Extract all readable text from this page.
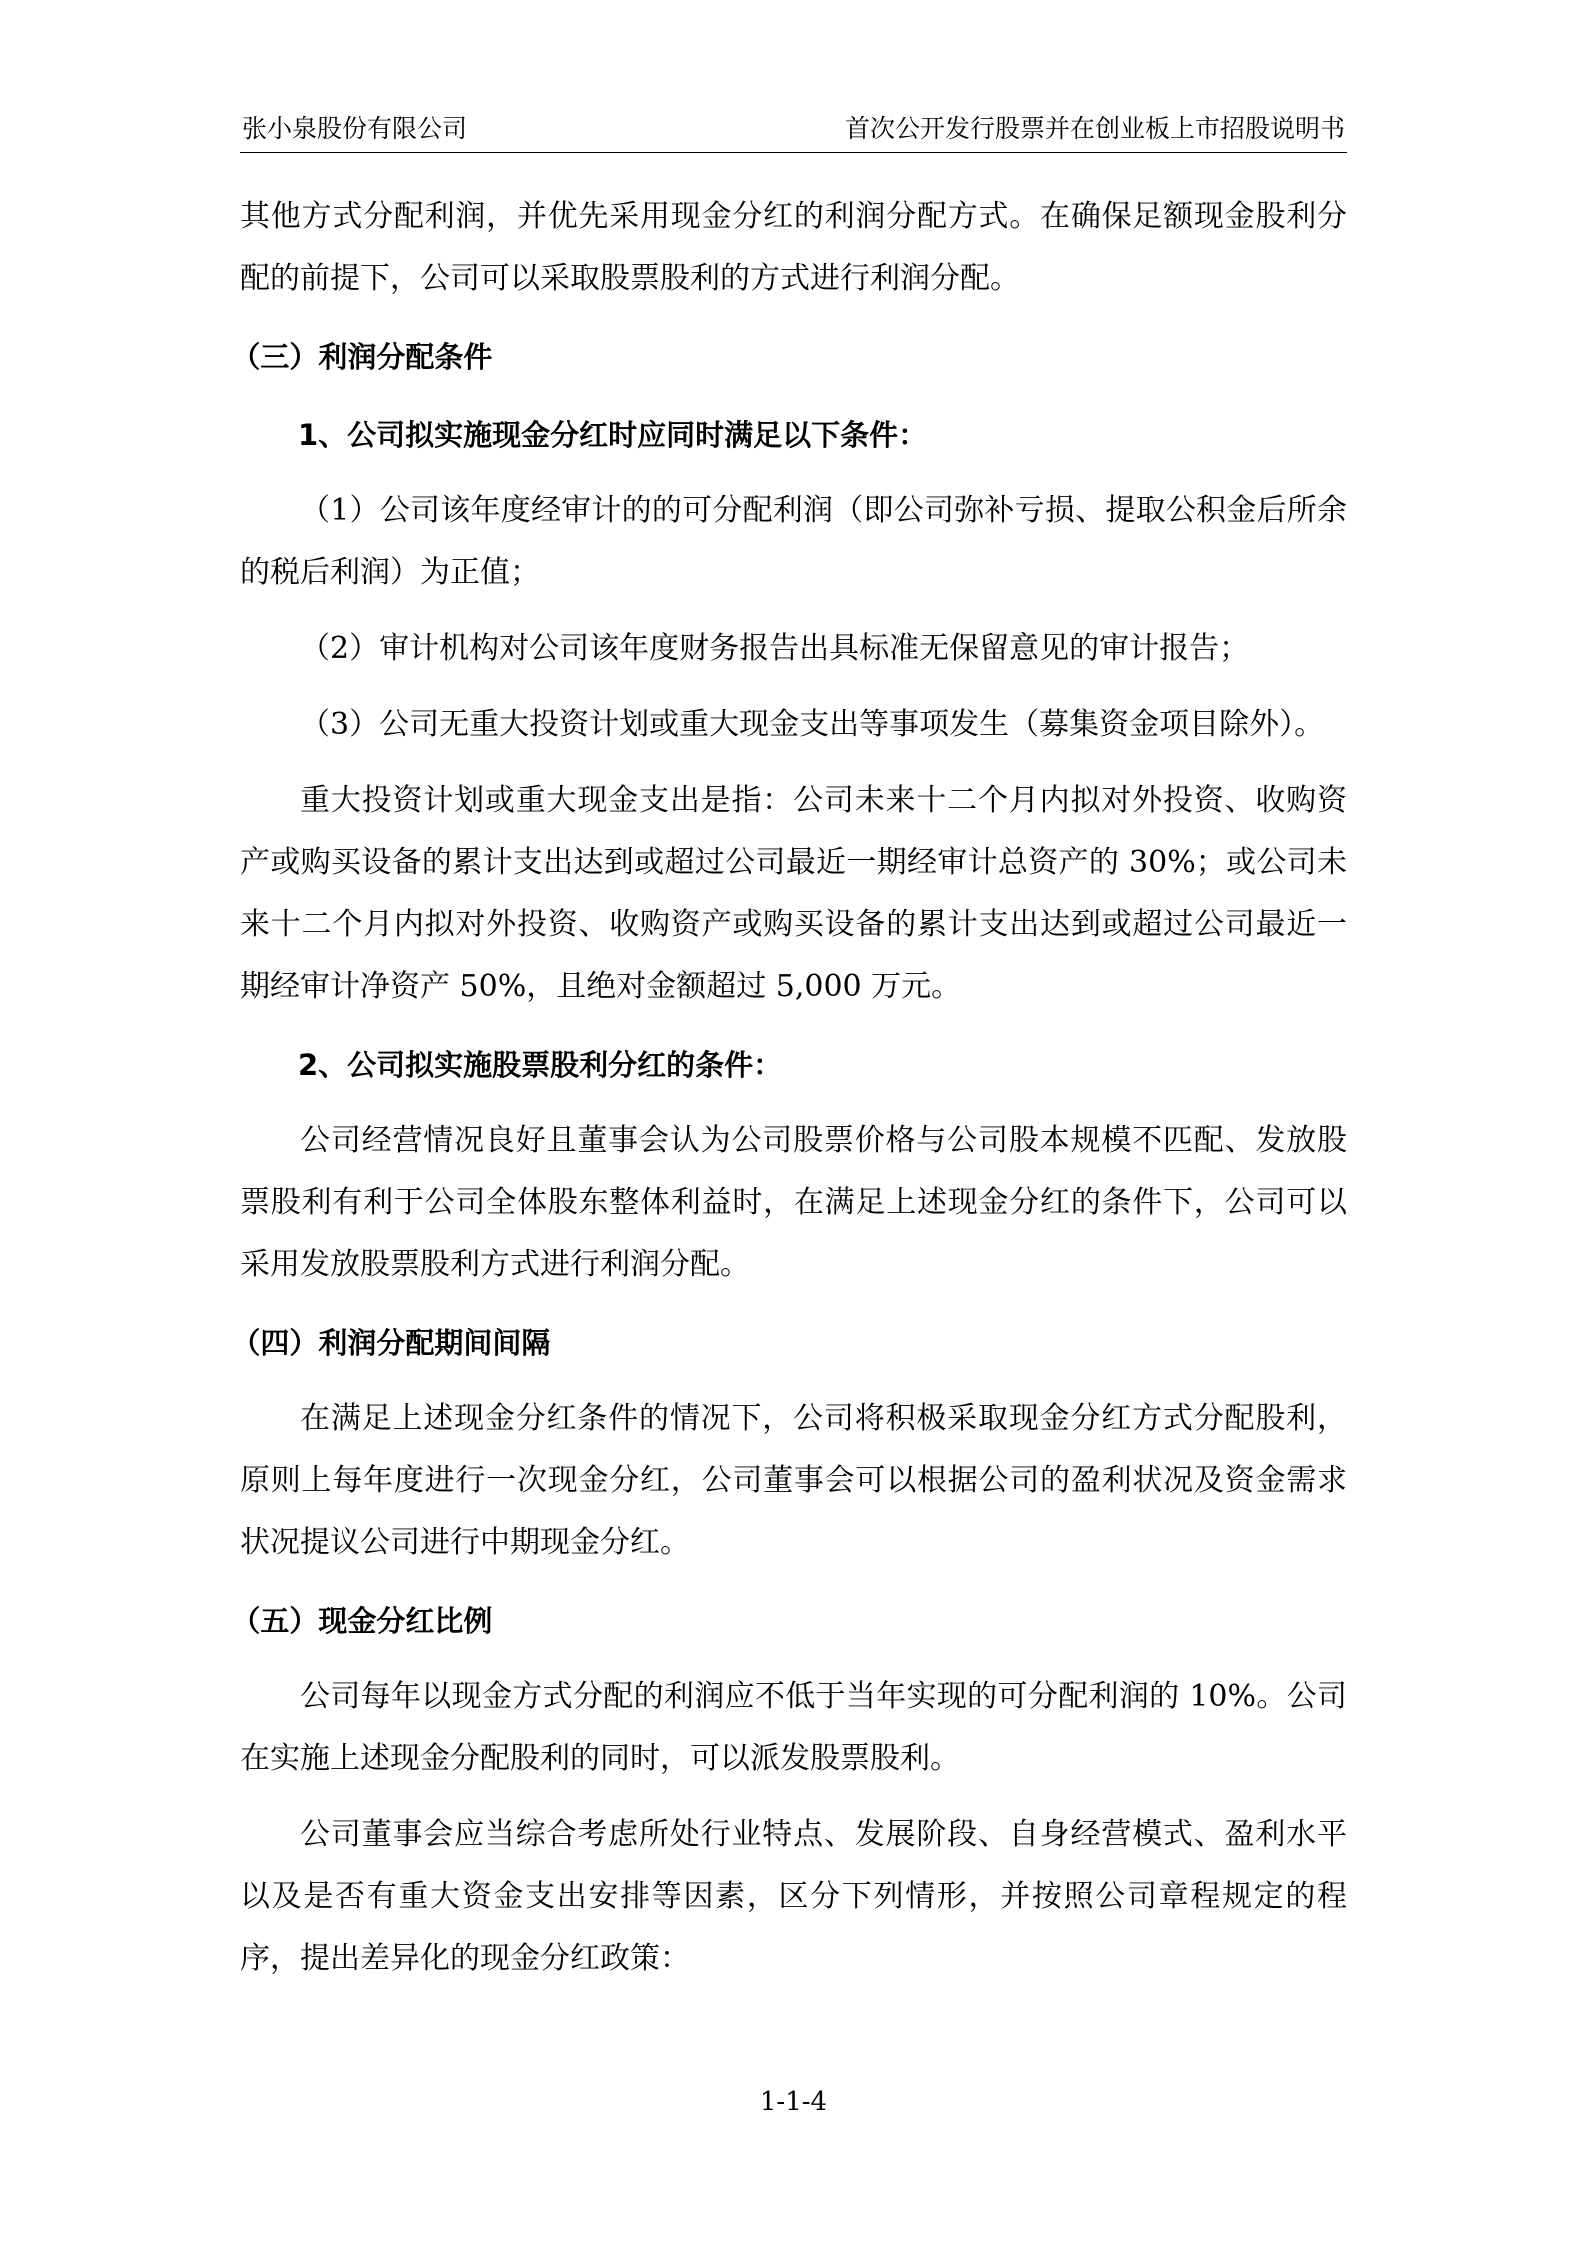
张小泉股份有限公司	首次公开发行股票并在创业板上市招股说明书

其他方式分配利润，并优先采用现金分红的利润分配方式。在确保足额现金股利分配的前提下，公司可以采取股票股利的方式进行利润分配。

（三）利润分配条件

1、公司拟实施现金分红时应同时满足以下条件：

（1）公司该年度经审计的的可分配利润（即公司弥补亏损、提取公积金后所余的税后利润）为正值；

（2）审计机构对公司该年度财务报告出具标准无保留意见的审计报告；

（3）公司无重大投资计划或重大现金支出等事项发生（募集资金项目除外）。

重大投资计划或重大现金支出是指：公司未来十二个月内拟对外投资、收购资产或购买设备的累计支出达到或超过公司最近一期经审计总资产的 30%；或公司未来十二个月内拟对外投资、收购资产或购买设备的累计支出达到或超过公司最近一期经审计净资产 50%，且绝对金额超过 5,000 万元。

2、公司拟实施股票股利分红的条件：

公司经营情况良好且董事会认为公司股票价格与公司股本规模不匹配、发放股票股利有利于公司全体股东整体利益时，在满足上述现金分红的条件下，公司可以采用发放股票股利方式进行利润分配。

（四）利润分配期间间隔

在满足上述现金分红条件的情况下，公司将积极采取现金分红方式分配股利，原则上每年度进行一次现金分红，公司董事会可以根据公司的盈利状况及资金需求状况提议公司进行中期现金分红。

（五）现金分红比例

公司每年以现金方式分配的利润应不低于当年实现的可分配利润的 10%。公司在实施上述现金分配股利的同时，可以派发股票股利。

公司董事会应当综合考虑所处行业特点、发展阶段、自身经营模式、盈利水平以及是否有重大资金支出安排等因素，区分下列情形，并按照公司章程规定的程序，提出差异化的现金分红政策：

1-1-4
